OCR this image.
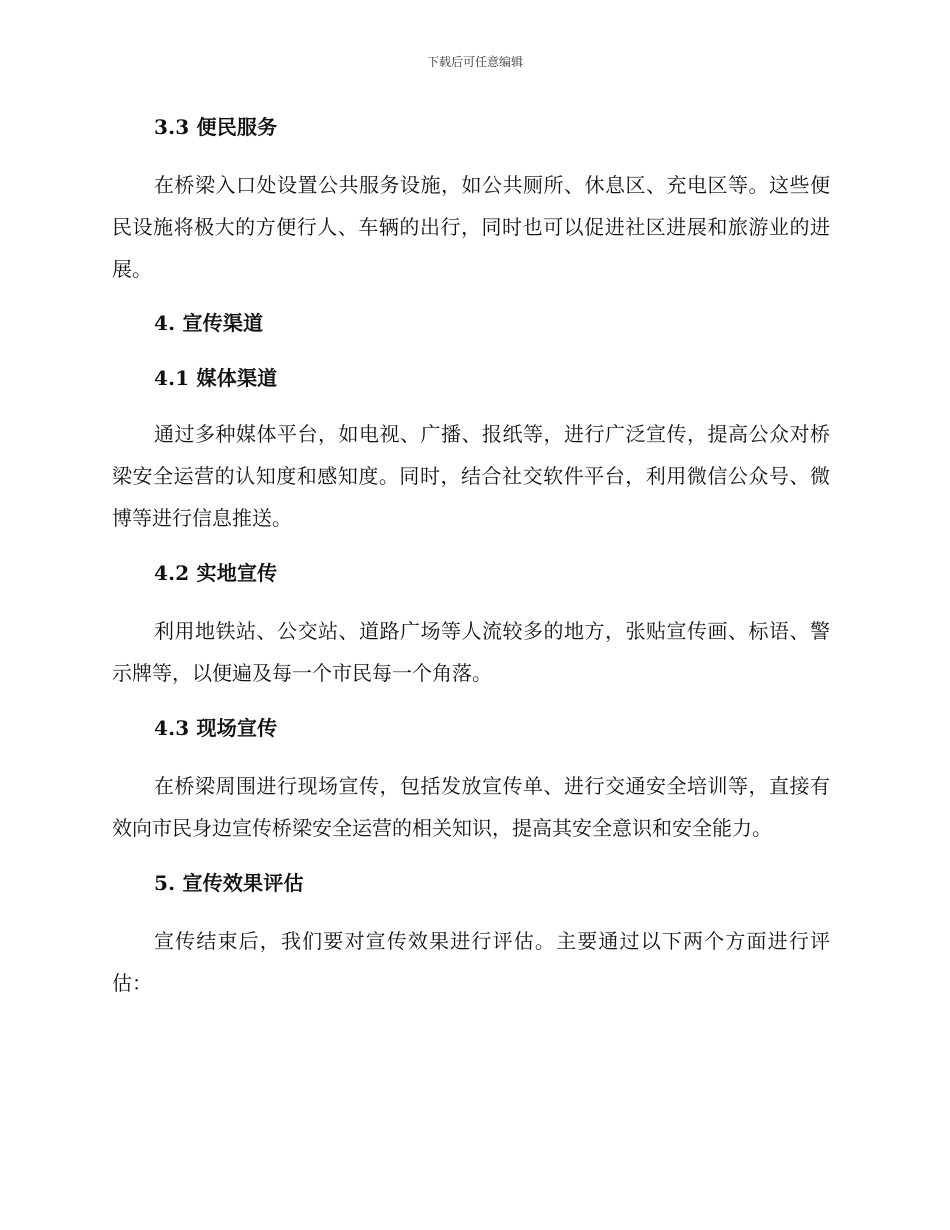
下载后可任意编辑
3.3 便民服务

在桥梁入口处设置公共服务设施，如公共厕所、休息区、充电区等。这些便民设施将极大的方便行人、车辆的出行，同时也可以促进社区进展和旅游业的进展。

4. 宣传渠道
4.1 媒体渠道

通过多种媒体平台，如电视、广播、报纸等，进行广泛宣传，提高公众对桥梁安全运营的认知度和感知度。同时，结合社交软件平台，利用微信公众号、微博等进行信息推送。

4.2 实地宣传

利用地铁站、公交站、道路广场等人流较多的地方，张贴宣传画、标语、警示牌等，以便遍及每一个市民每一个角落。

4.3 现场宣传

在桥梁周围进行现场宣传，包括发放宣传单、进行交通安全培训等，直接有效向市民身边宣传桥梁安全运营的相关知识，提高其安全意识和安全能力。

5. 宣传效果评估

宣传结束后，我们要对宣传效果进行评估。主要通过以下两个方面进行评估：
